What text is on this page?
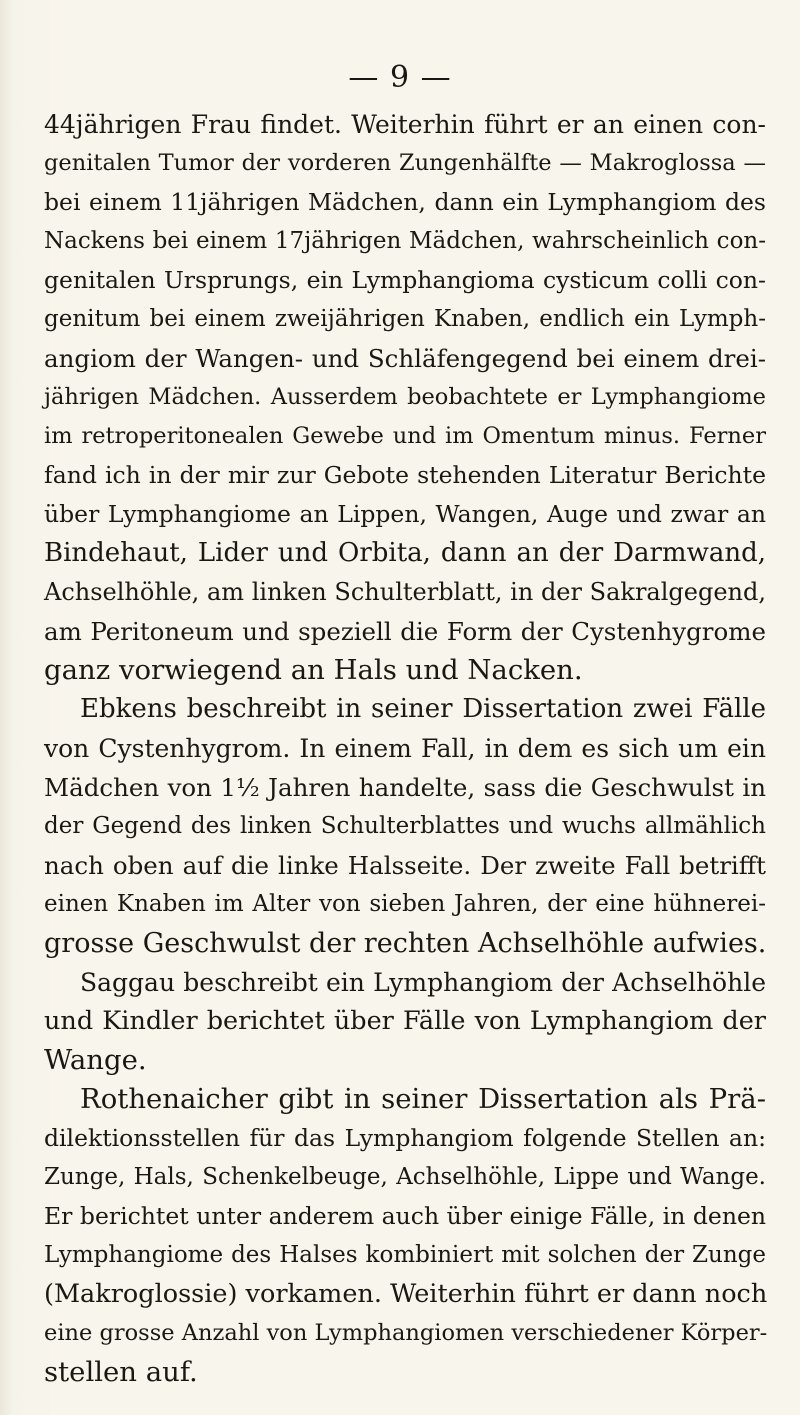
— 9 —
44jährigen Frau findet. Weiterhin führt er an einen con-
genitalen Tumor der vorderen Zungenhälfte — Makroglossa —
bei einem 11jährigen Mädchen, dann ein Lymphangiom des
Nackens bei einem 17jährigen Mädchen, wahrscheinlich con-
genitalen Ursprungs, ein Lymphangioma cysticum colli con-
genitum bei einem zweijährigen Knaben, endlich ein Lymph-
angiom der Wangen- und Schläfengegend bei einem drei-
jährigen Mädchen. Ausserdem beobachtete er Lymphangiome
im retroperitonealen Gewebe und im Omentum minus. Ferner
fand ich in der mir zur Gebote stehenden Literatur Berichte
über Lymphangiome an Lippen, Wangen, Auge und zwar an
Bindehaut, Lider und Orbita, dann an der Darmwand,
Achselhöhle, am linken Schulterblatt, in der Sakralgegend,
am Peritoneum und speziell die Form der Cystenhygrome
ganz vorwiegend an Hals und Nacken.
Ebkens beschreibt in seiner Dissertation zwei Fälle
von Cystenhygrom. In einem Fall, in dem es sich um ein
Mädchen von 1½ Jahren handelte, sass die Geschwulst in
der Gegend des linken Schulterblattes und wuchs allmählich
nach oben auf die linke Halsseite. Der zweite Fall betrifft
einen Knaben im Alter von sieben Jahren, der eine hühnerei-
grosse Geschwulst der rechten Achselhöhle aufwies.
Saggau beschreibt ein Lymphangiom der Achselhöhle
und Kindler berichtet über Fälle von Lymphangiom der
Wange.
Rothenaicher gibt in seiner Dissertation als Prä-
dilektionsstellen für das Lymphangiom folgende Stellen an:
Zunge, Hals, Schenkelbeuge, Achselhöhle, Lippe und Wange.
Er berichtet unter anderem auch über einige Fälle, in denen
Lymphangiome des Halses kombiniert mit solchen der Zunge
(Makroglossie) vorkamen. Weiterhin führt er dann noch
eine grosse Anzahl von Lymphangiomen verschiedener Körper-
stellen auf.
